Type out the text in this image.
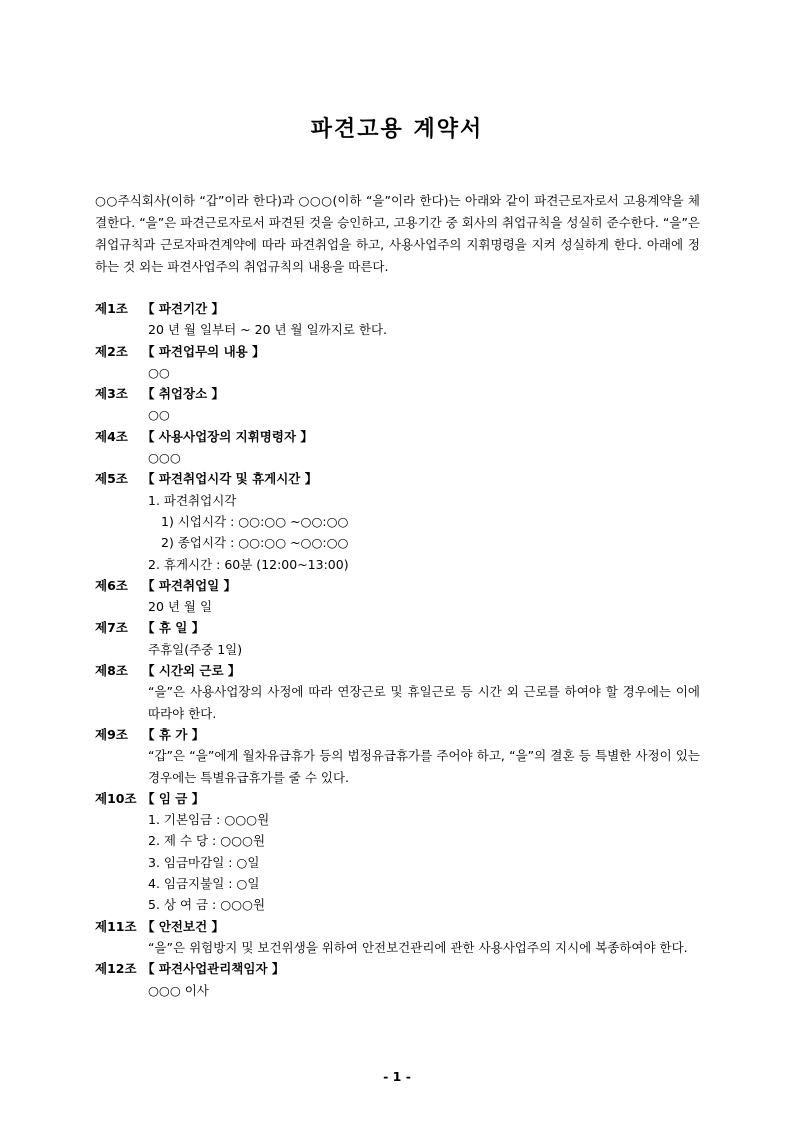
파견고용 계약서
○○주식회사(이하 “갑”이라 한다)과 ○○○(이하 “을”이라 한다)는 아래와 같이 파견근로자로서 고용계약을 체결한다. “을”은 파견근로자로서 파견된 것을 승인하고, 고용기간 중 회사의 취업규칙을 성실히 준수한다. “을”은 취업규칙과 근로자파견계약에 따라 파견취업을 하고, 사용사업주의 지휘명령을 지켜 성실하게 한다. 아래에 정하는 것 외는 파견사업주의 취업규칙의 내용을 따른다.
제1조 【 파견기간 】
20 년 월 일부터 ~ 20 년 월 일까지로 한다.
제2조 【 파견업무의 내용 】
○○
제3조 【 취업장소 】
○○
제4조 【 사용사업장의 지휘명령자 】
○○○
제5조 【 파견취업시각 및 휴게시간 】
1. 파견취업시각
1) 시업시각 : ○○:○○ ~○○:○○
2) 종업시각 : ○○:○○ ~○○:○○
2. 휴게시간 : 60분 (12:00~13:00)
제6조 【 파견취업일 】
20 년 월 일
제7조 【 휴 일 】
주휴일(주중 1일)
제8조 【 시간외 근로 】
“을”은 사용사업장의 사정에 따라 연장근로 및 휴일근로 등 시간 외 근로를 하여야 할 경우에는 이에 따라야 한다.
제9조 【 휴 가 】
“갑”은 “을”에게 월차유급휴가 등의 법정유급휴가를 주어야 하고, “을”의 결혼 등 특별한 사정이 있는 경우에는 특별유급휴가를 줄 수 있다.
제10조 【 임 금 】
1. 기본임금 : ○○○원
2. 제 수 당 : ○○○원
3. 임금마감일 : ○일
4. 임금지불일 : ○일
5. 상 여 금 : ○○○원
제11조 【 안전보건 】
“을”은 위험방지 및 보건위생을 위하여 안전보건관리에 관한 사용사업주의 지시에 복종하여야 한다.
제12조 【 파견사업관리책임자 】
○○○ 이사
- 1 -
